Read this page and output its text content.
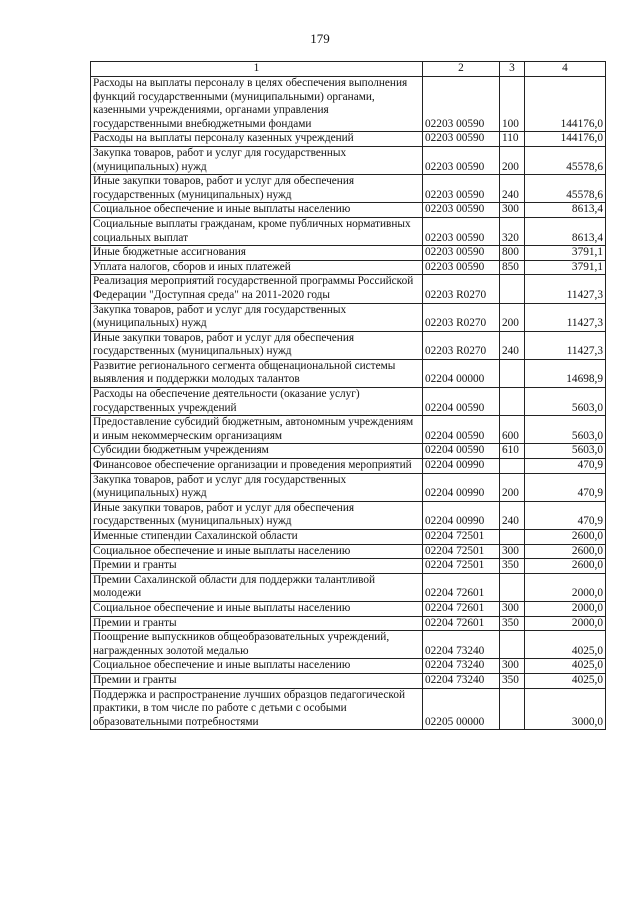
179
1	2	3	4
Расходы на выплаты персоналу в целях обеспечения выполнения функций государственными (муниципальными) органами, казенными учреждениями, органами управления государственными внебюджетными фондами	02203 00590	100	144176,0
Расходы на выплаты персоналу казенных учреждений	02203 00590	110	144176,0
Закупка товаров, работ и услуг для государственных (муниципальных) нужд	02203 00590	200	45578,6
Иные закупки товаров, работ и услуг для обеспечения государственных (муниципальных) нужд	02203 00590	240	45578,6
Социальное обеспечение и иные выплаты населению	02203 00590	300	8613,4
Социальные выплаты гражданам, кроме публичных нормативных социальных выплат	02203 00590	320	8613,4
Иные бюджетные ассигнования	02203 00590	800	3791,1
Уплата налогов, сборов и иных платежей	02203 00590	850	3791,1
Реализация мероприятий государственной программы Российской Федерации "Доступная среда" на 2011-2020 годы	02203 R0270		11427,3
Закупка товаров, работ и услуг для государственных (муниципальных) нужд	02203 R0270	200	11427,3
Иные закупки товаров, работ и услуг для обеспечения государственных (муниципальных) нужд	02203 R0270	240	11427,3
Развитие регионального сегмента общенациональной системы выявления и поддержки молодых талантов	02204 00000		14698,9
Расходы на обеспечение деятельности (оказание услуг) государственных учреждений	02204 00590		5603,0
Предоставление субсидий бюджетным, автономным учреждениям и иным некоммерческим организациям	02204 00590	600	5603,0
Субсидии бюджетным учреждениям	02204 00590	610	5603,0
Финансовое обеспечение организации и проведения мероприятий	02204 00990		470,9
Закупка товаров, работ и услуг для государственных (муниципальных) нужд	02204 00990	200	470,9
Иные закупки товаров, работ и услуг для обеспечения государственных (муниципальных) нужд	02204 00990	240	470,9
Именные стипендии Сахалинской области	02204 72501		2600,0
Социальное обеспечение и иные выплаты населению	02204 72501	300	2600,0
Премии и гранты	02204 72501	350	2600,0
Премии Сахалинской области для поддержки талантливой молодежи	02204 72601		2000,0
Социальное обеспечение и иные выплаты населению	02204 72601	300	2000,0
Премии и гранты	02204 72601	350	2000,0
Поощрение выпускников общеобразовательных учреждений, награжденных золотой медалью	02204 73240		4025,0
Социальное обеспечение и иные выплаты населению	02204 73240	300	4025,0
Премии и гранты	02204 73240	350	4025,0
Поддержка и распространение лучших образцов педагогической практики, в том числе по работе с детьми с особыми образовательными потребностями	02205 00000		3000,0
